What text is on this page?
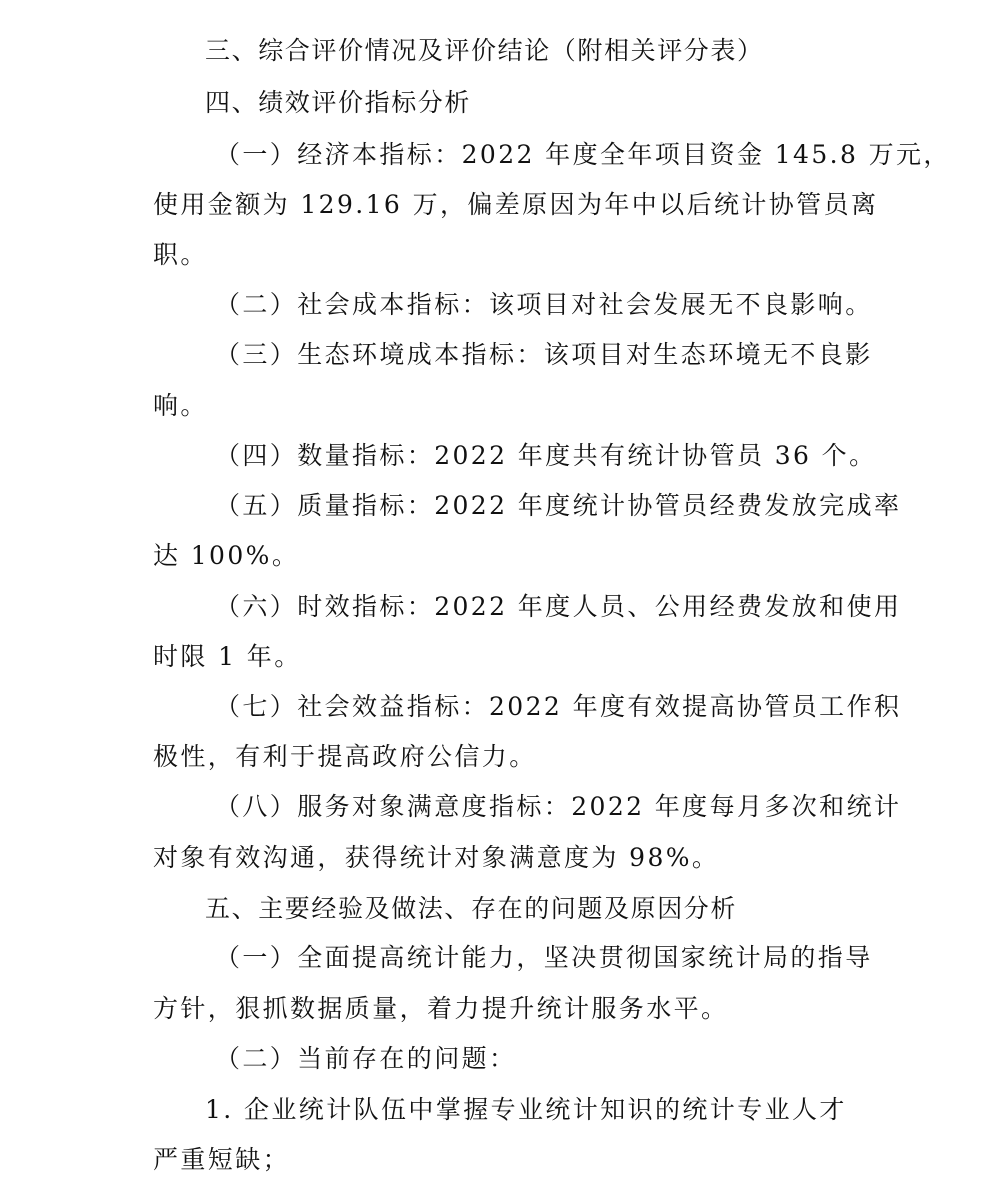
三、综合评价情况及评价结论（附相关评分表）
四、绩效评价指标分析
（一）经济本指标：2022 年度全年项目资金 145.8 万元，
使用金额为 129.16 万，偏差原因为年中以后统计协管员离
职。
（二）社会成本指标：该项目对社会发展无不良影响。
（三）生态环境成本指标：该项目对生态环境无不良影
响。
（四）数量指标：2022 年度共有统计协管员 36 个。
（五）质量指标：2022 年度统计协管员经费发放完成率
达 100%。
（六）时效指标：2022 年度人员、公用经费发放和使用
时限 1 年。
（七）社会效益指标：2022 年度有效提高协管员工作积
极性，有利于提高政府公信力。
（八）服务对象满意度指标：2022 年度每月多次和统计
对象有效沟通，获得统计对象满意度为 98%。
五、主要经验及做法、存在的问题及原因分析
（一）全面提高统计能力，坚决贯彻国家统计局的指导
方针，狠抓数据质量，着力提升统计服务水平。
（二）当前存在的问题：
1. 企业统计队伍中掌握专业统计知识的统计专业人才
严重短缺；
